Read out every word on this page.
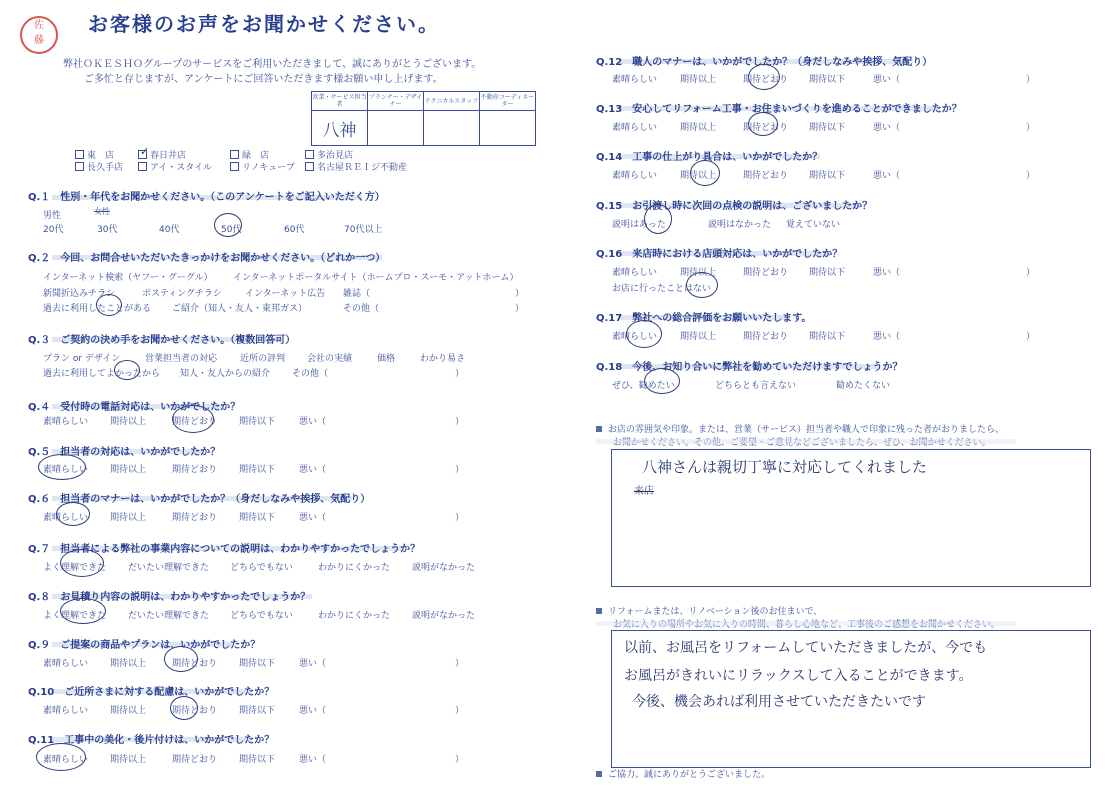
佐
藤
お客様のお声をお聞かせください。
弊社ＯＫＥＳＨＯグループのサービスをご利用いただきまして、誠にありがとうございます。
ご多忙と存じますが、アンケートにご回答いただきます様お願い申し上げます。
営業・サービス担当者	プランナー・デザイナー	テクニカルスタッフ	不動産コーディネーター
八神			
東　店 ✓ 春日井店	緑　店	多治見店
長久手店	アイ・スタイル	リノキューブ	名古屋ＲＥＩジ不動産
Q.１　性別・年代をお聞かせください。（このアンケートをご記入いただく方）
男性	女性
20代	30代	40代	50代	60代	70代以上
Q.２　今回、お問合せいただいたきっかけをお聞かせください。（どれか一つ）
インターネット検索（ヤフー・グーグル） インターネットポータルサイト（ホームプロ・スーモ・アットホーム）
新聞折込みチラシ	ポスティングチラシ	インターネット広告 雑誌（	）
過去に利用したことがある ご紹介（知人・友人・東邦ガス）	その他（	）
Q.３　ご契約の決め手をお聞かせください。（複数回答可）
プラン or デザイン	営業担当者の対応	近所の評判 会社の実績	価格	わかり易さ
過去に利用してよかったから 知人・友人からの紹介 その他（	）
Q.４　受付時の電話対応は、いかがでしたか？
素晴らしい 期待以上	期待どおり 期待以下	悪い（	）
Q.５　担当者の対応は、いかがでしたか？
素晴らしい 期待以上	期待どおり 期待以下	悪い（	）
Q.６　担当者のマナーは、いかがでしたか？（身だしなみや挨拶、気配り）
素晴らしい 期待以上	期待どおり 期待以下	悪い（	）
Q.７　担当者による弊社の事業内容についての説明は、わかりやすかったでしょうか？
よく理解できた だいたい理解できた どちらでもない	わかりにくかった 説明がなかった
Q.８　お見積り内容の説明は、わかりやすかったでしょうか？
よく理解できた だいたい理解できた どちらでもない	わかりにくかった 説明がなかった
Q.９　ご提案の商品やプランは、いかがでしたか？
素晴らしい 期待以上	期待どおり 期待以下	悪い（	）
Q.10　ご近所さまに対する配慮は、いかがでしたか？
素晴らしい 期待以上	期待どおり 期待以下	悪い（	）
Q.11　工事中の美化・後片付けは、いかがでしたか？
素晴らしい 期待以上	期待どおり 期待以下	悪い（	）
Q.12　職人のマナーは、いかがでしたか？（身だしなみや挨拶、気配り）
素晴らしい	期待以上	期待どおり 期待以下	悪い（	）
Q.13　安心してリフォーム工事・お住まいづくりを進めることができましたか？
素晴らしい	期待以上	期待どおり 期待以下	悪い（	）
Q.14　工事の仕上がり具合は、いかがでしたか？
素晴らしい	期待以上	期待どおり 期待以下	悪い（	）
Q.15　お引渡し時に次回の点検の説明は、ございましたか？
説明はあった	説明はなかった 覚えていない
Q.16　来店時における店頭対応は、いかがでしたか？
素晴らしい	期待以上	期待どおり 期待以下	悪い（	）
お店に行ったことはない
Q.17　弊社への総合評価をお願いいたします。
素晴らしい	期待以上	期待どおり 期待以下	悪い（	）
Q.18　今後、お知り合いに弊社を勧めていただけますでしょうか？
ぜひ、勧めたい	どちらとも言えない	勧めたくない
お店の雰囲気や印象。または、営業（サービス）担当者や職人で印象に残った者がおりましたら、
八神さんは親切丁寧に対応してくれました
来店
リフォームまたは、リノベーション後のお住まいで、
以前、お風呂をリフォームしていただきましたが、今でも
お風呂がきれいにリラックスして入ることができます。
今後、機会あれば利用させていただきたいです
ご協力、誠にありがとうございました。
